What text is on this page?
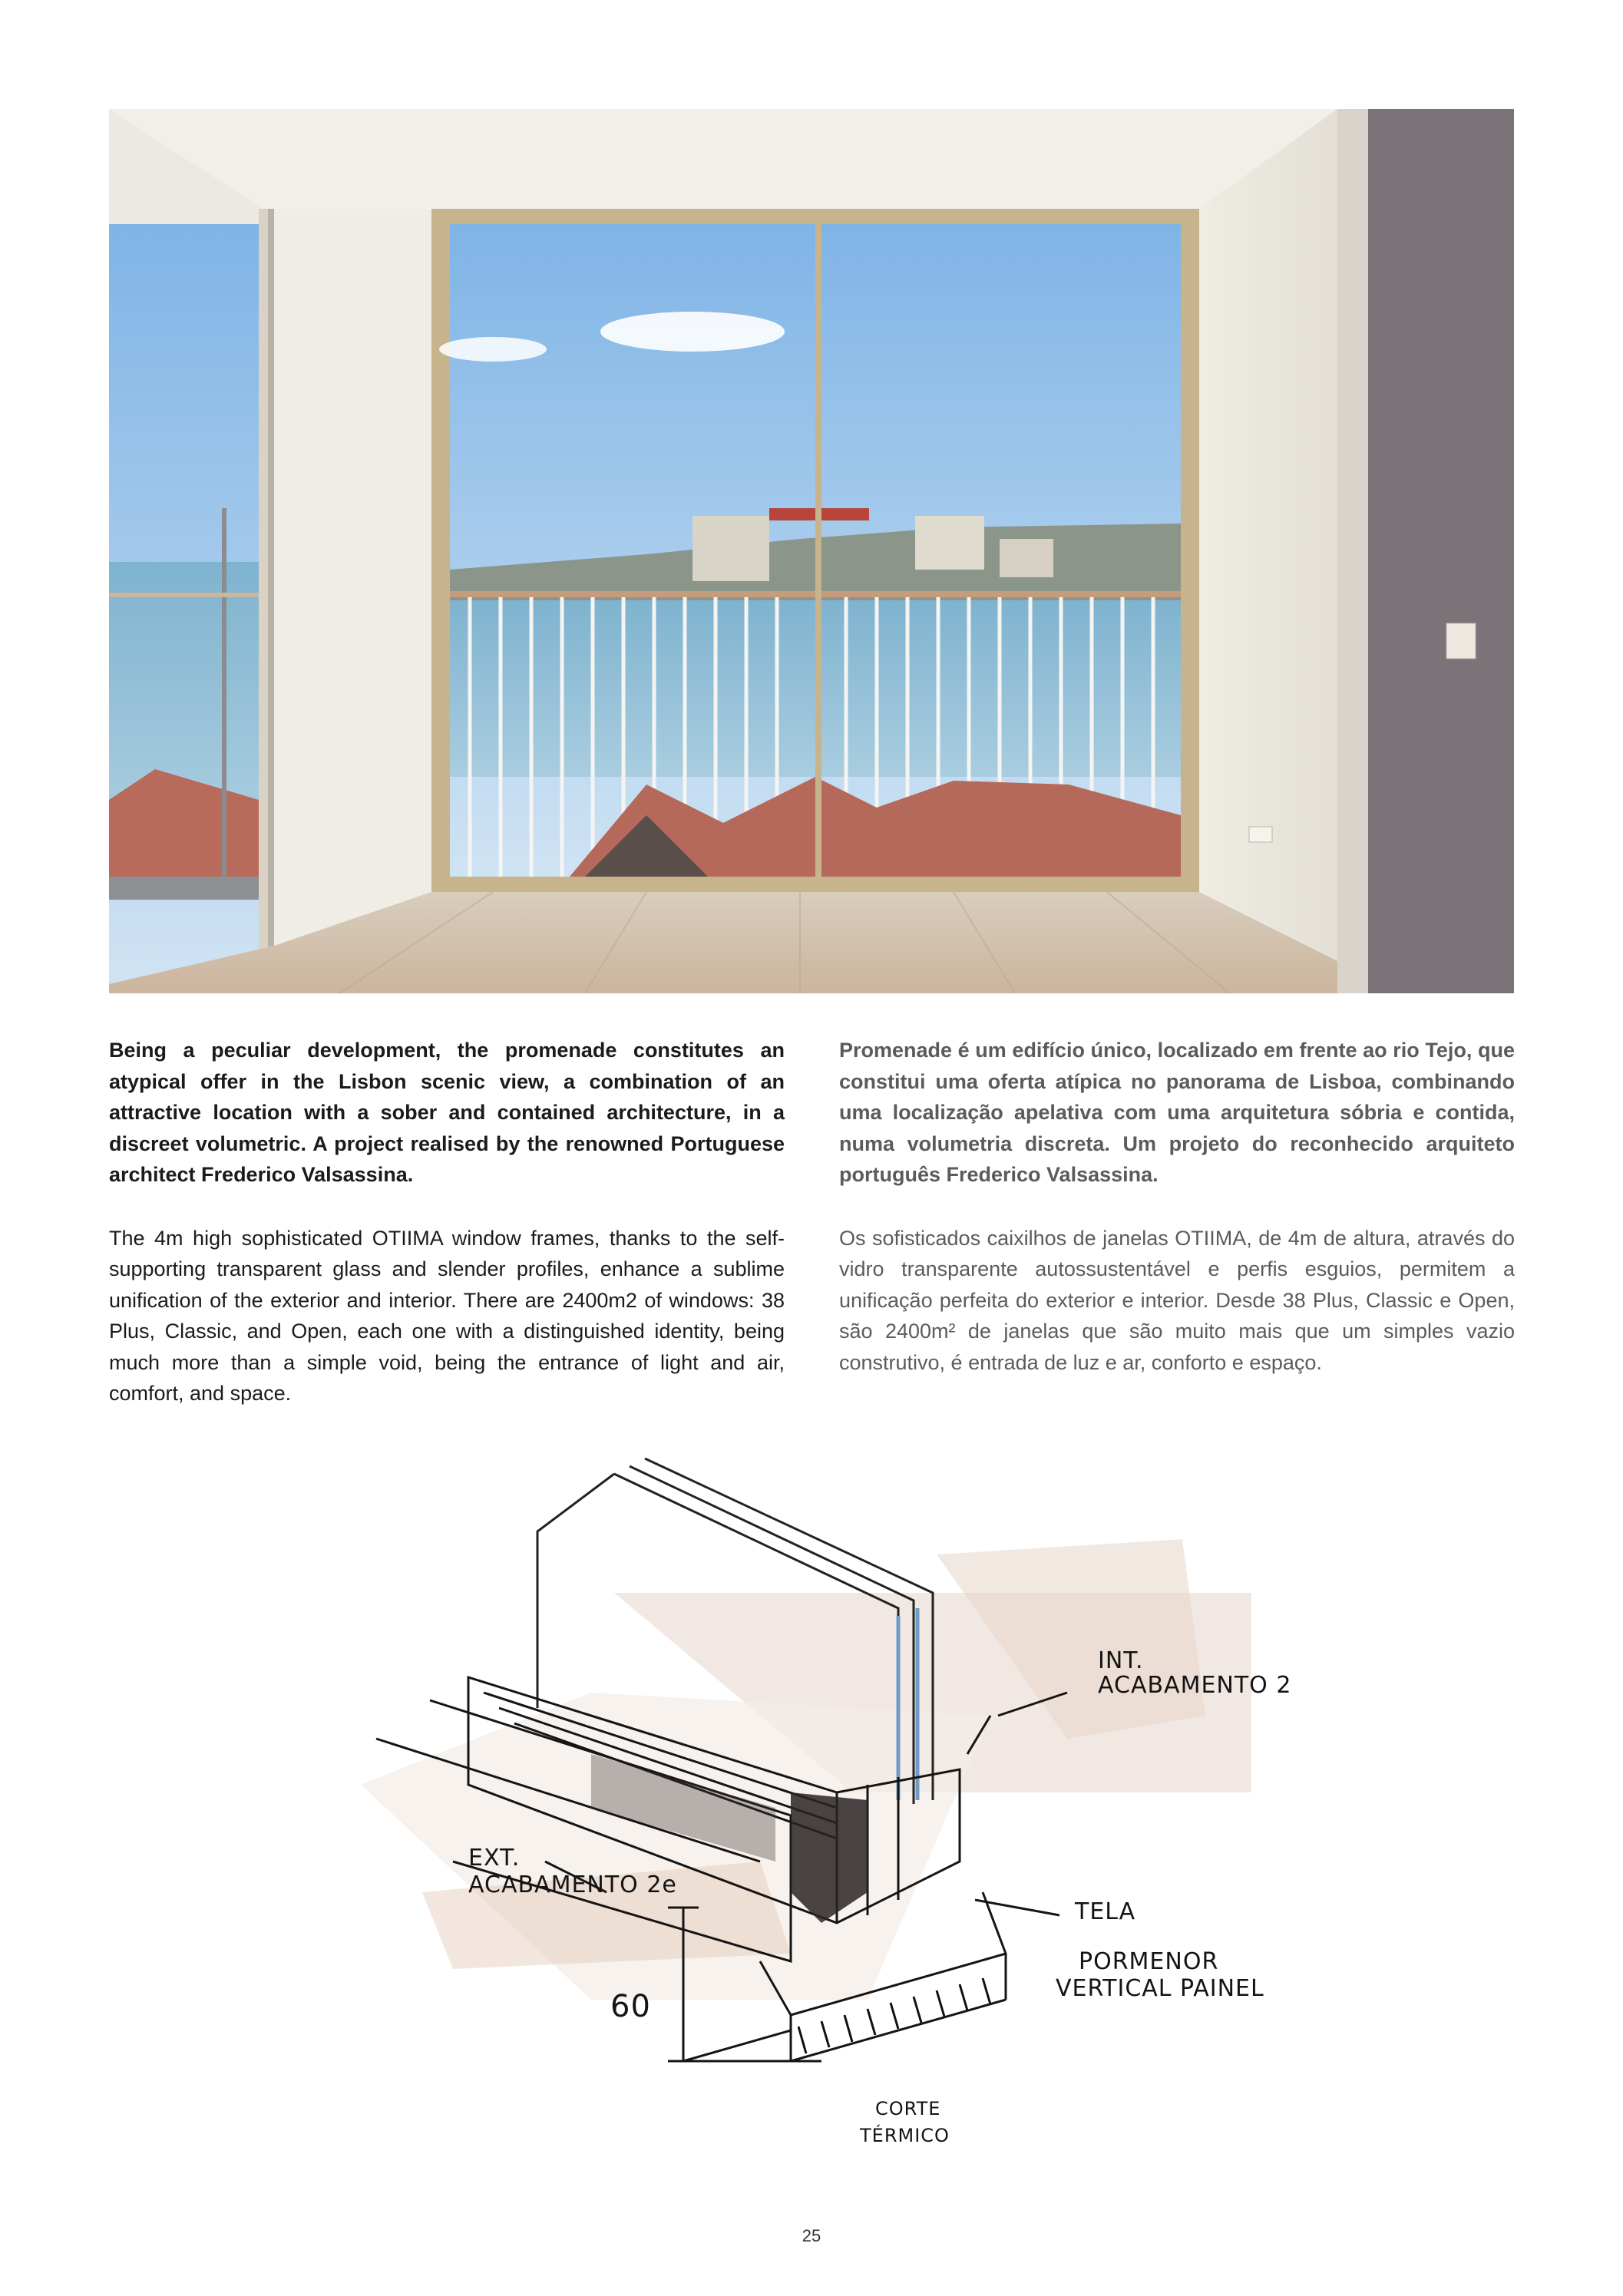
Being a peculiar development, the promenade constitutes an atypical offer in the Lisbon scenic view, a combination of an attractive location with a sober and contained architecture, in a discreet volumetric. A project realised by the renowned Portuguese architect Frederico Valsassina.

The 4m high sophisticated OTIIMA window frames, thanks to the self-supporting transparent glass and slender profiles, enhance a sublime unification of the exterior and interior. There are 2400m2 of windows: 38 Plus, Classic, and Open, each one with a distinguished identity, being much more than a simple void, being the entrance of light and air, comfort, and space.

Promenade é um edifício único, localizado em frente ao rio Tejo, que constitui uma oferta atípica no panorama de Lisboa, combinando uma localização apelativa com uma arquitetura sóbria e contida, numa volumetria discreta. Um projeto do reconhecido arquiteto português Frederico Valsassina.

Os sofisticados caixilhos de janelas OTIIMA, de 4m de altura, através do vidro transparente autossustentável e perfis esguios, permitem a unificação perfeita do exterior e interior. Desde 38 Plus, Classic e Open, são 2400m² de janelas que são muito mais que um simples vazio construtivo, é entrada de luz e ar, conforto e espaço.

INT.
ACABAMENTO 2
EXT.
ACABAMENTO 2e
TELA
PORMENOR
VERTICAL PAINEL
60
CORTE
TÉRMICO
25
